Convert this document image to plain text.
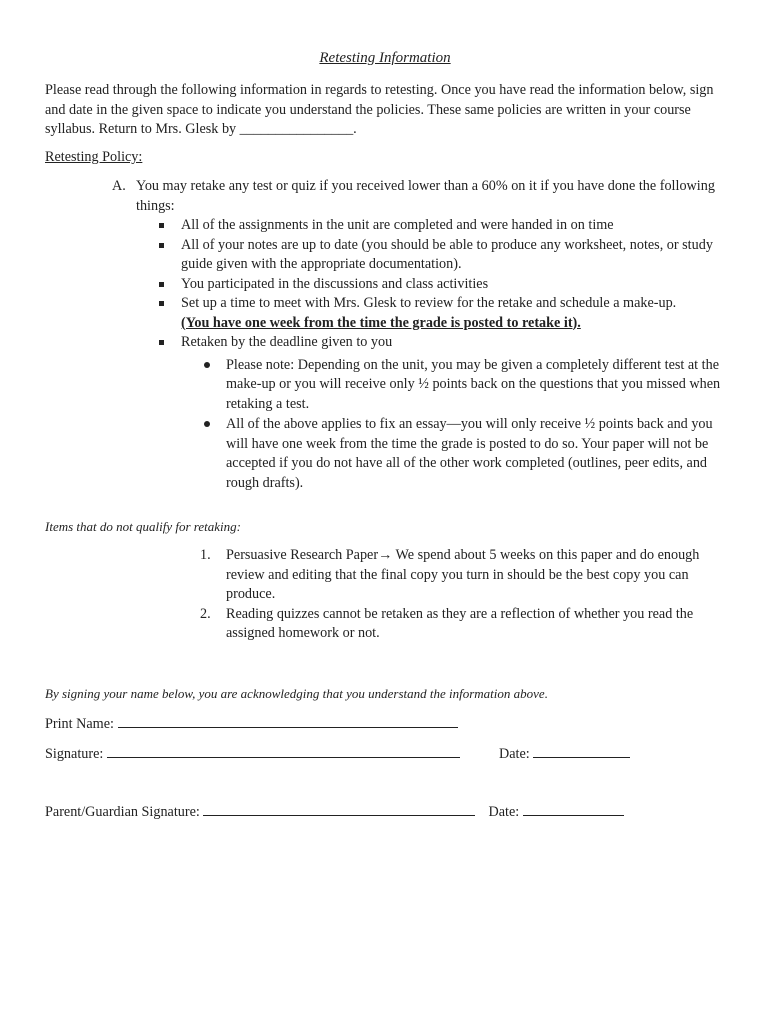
Retesting Information

Please read through the following information in regards to retesting. Once you have read the information below, sign and date in the given space to indicate you understand the policies. These same policies are written in your course syllabus. Return to Mrs. Glesk by ________________.

Retesting Policy:
A. You may retake any test or quiz if you received lower than a 60% on it if you have done the following things:
All of the assignments in the unit are completed and were handed in on time
All of your notes are up to date (you should be able to produce any worksheet, notes, or study guide given with the appropriate documentation).
You participated in the discussions and class activities
Set up a time to meet with Mrs. Glesk to review for the retake and schedule a make-up.
(You have one week from the time the grade is posted to retake it).
Retaken by the deadline given to you
Please note: Depending on the unit, you may be given a completely different test at the make-up or you will receive only ½ points back on the questions that you missed when retaking a test.
All of the above applies to fix an essay—you will only receive ½ points back and you will have one week from the time the grade is posted to do so. Your paper will not be accepted if you do not have all of the other work completed (outlines, peer edits, and rough drafts).

Items that do not qualify for retaking:

1.	Persuasive Research Paper→ We spend about 5 weeks on this paper and do enough review and editing that the final copy you turn in should be the best copy you can produce.
2.	Reading quizzes cannot be retaken as they are a reflection of whether you read the assigned homework or not.

By signing your name below, you are acknowledging that you understand the information above.

Print Name:
Signature:	Date:
Parent/Guardian Signature:	Date:
